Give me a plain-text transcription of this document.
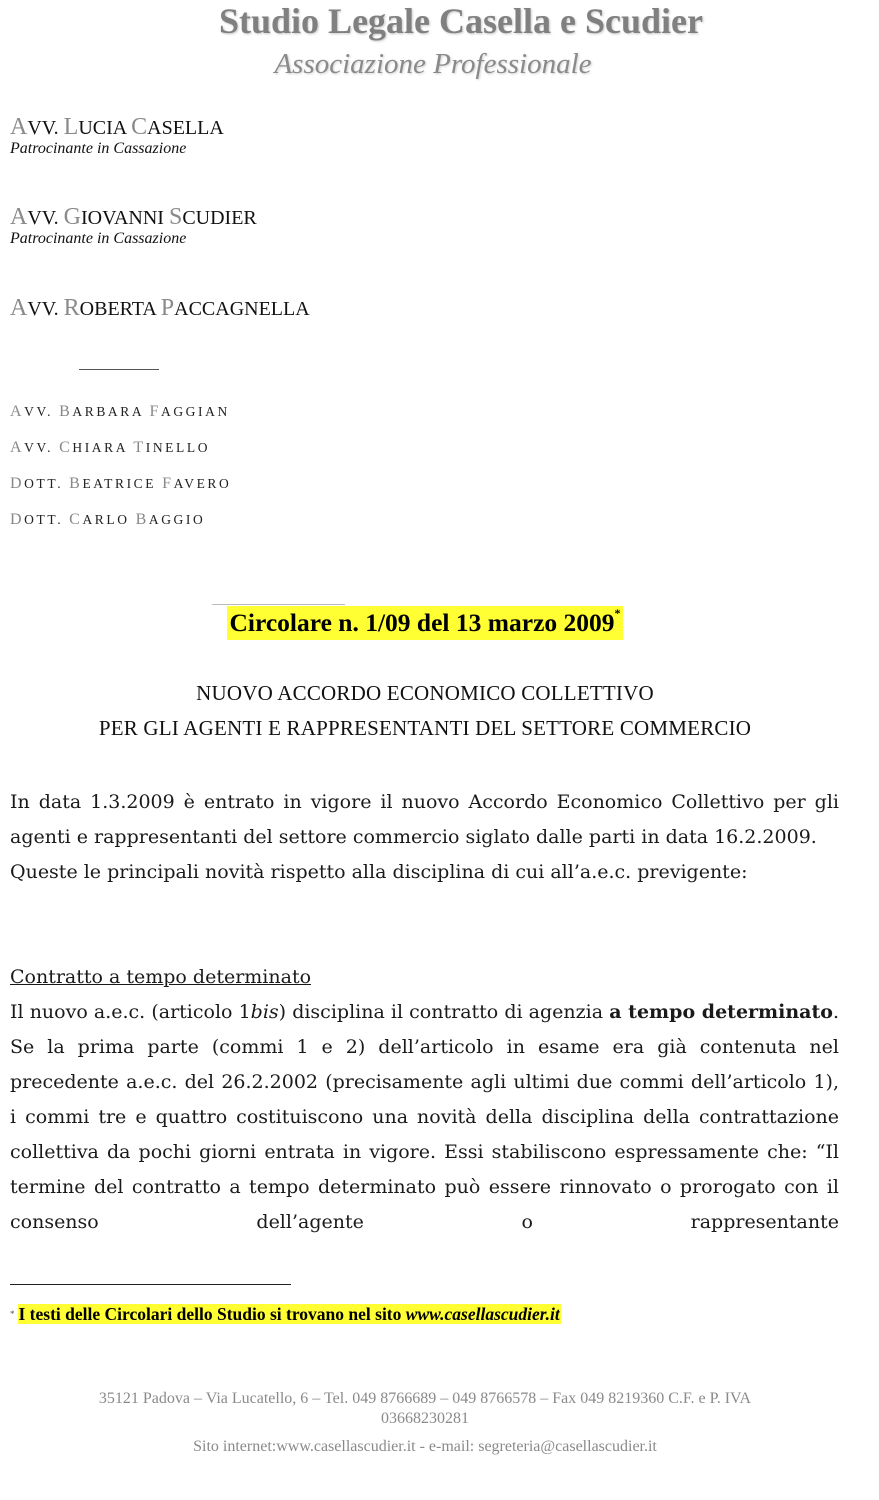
Studio Legale Casella e Scudier
Associazione Professionale
AVV. LUCIA CASELLA
Patrocinante in Cassazione
AVV. GIOVANNI SCUDIER
Patrocinante in Cassazione
AVV. ROBERTA PACCAGNELLA
AVV. BARBARA FAGGIAN
AVV. CHIARA TINELLO
DOTT. BEATRICE FAVERO
DOTT. CARLO BAGGIO
Circolare n. 1/09 del 13 marzo 2009*
NUOVO ACCORDO ECONOMICO COLLETTIVO
PER GLI AGENTI E RAPPRESENTANTI DEL SETTORE COMMERCIO

In data 1.3.2009 è entrato in vigore il nuovo Accordo Economico Collettivo per gli agenti e rappresentanti del settore commercio siglato dalle parti in data 16.2.2009.

Queste le principali novità rispetto alla disciplina di cui all’a.e.c. previgente:

Contratto a tempo determinato

Il nuovo a.e.c. (articolo 1bis) disciplina il contratto di agenzia a tempo determinato. Se la prima parte (commi 1 e 2) dell’articolo in esame era già contenuta nel precedente a.e.c. del 26.2.2002 (precisamente agli ultimi due commi dell’articolo 1), i commi tre e quattro costituiscono una novità della disciplina della contrattazione collettiva da pochi giorni entrata in vigore. Essi stabiliscono espressamente che: “Il termine del contratto a tempo determinato può essere rinnovato o prorogato con il consenso dell’agente o rappresentante

* I testi delle Circolari dello Studio si trovano nel sito www.casellascudier.it
35121 Padova – Via Lucatello, 6 – Tel. 049 8766689 – 049 8766578 – Fax 049 8219360 C.F. e P. IVA
03668230281
Sito internet:www.casellascudier.it - e-mail: segreteria@casellascudier.it
